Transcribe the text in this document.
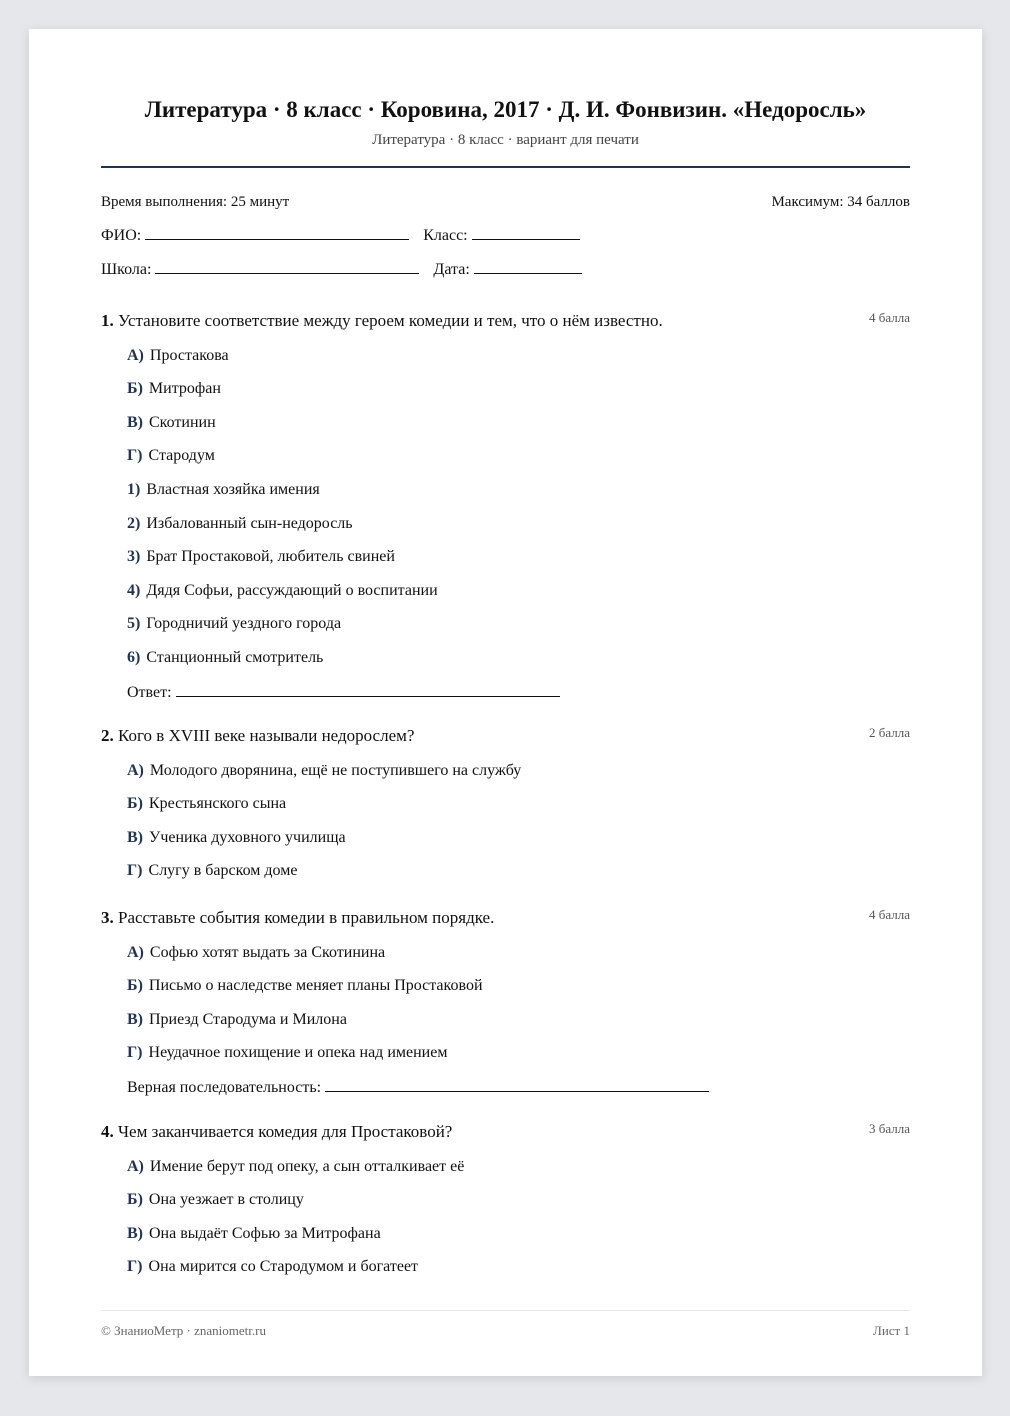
Литература · 8 класс · Коровина, 2017 · Д. И. Фонвизин. «Недоросль»
Литература · 8 класс · вариант для печати
Время выполнения: 25 минут	Максимум: 34 баллов
ФИО:	Класс:
Школа:	Дата:
1. Установите соответствие между героем комедии и тем, что о нём известно.	4 балла
А) Простакова
Б) Митрофан
В) Скотинин
Г) Стародум
1) Властная хозяйка имения
2) Избалованный сын-недоросль
3) Брат Простаковой, любитель свиней
4) Дядя Софьи, рассуждающий о воспитании
5) Городничий уездного города
6) Станционный смотритель
Ответ:
2. Кого в XVIII веке называли недорослем?	2 балла
А) Молодого дворянина, ещё не поступившего на службу
Б) Крестьянского сына
В) Ученика духовного училища
Г) Слугу в барском доме
3. Расставьте события комедии в правильном порядке.	4 балла
А) Софью хотят выдать за Скотинина
Б) Письмо о наследстве меняет планы Простаковой
В) Приезд Стародума и Милона
Г) Неудачное похищение и опека над имением
Верная последовательность:
4. Чем заканчивается комедия для Простаковой?	3 балла
А) Имение берут под опеку, а сын отталкивает её
Б) Она уезжает в столицу
В) Она выдаёт Софью за Митрофана
Г) Она мирится со Стародумом и богатеет
© ЗнаниоМетр · znaniometr.ru	Лист 1
